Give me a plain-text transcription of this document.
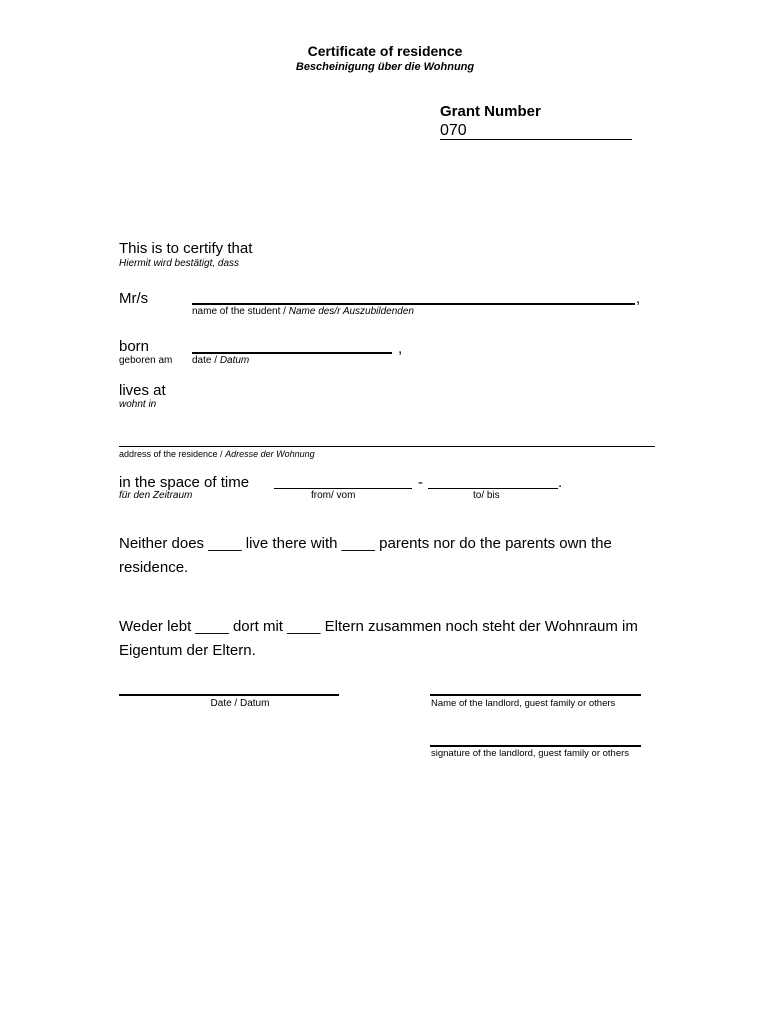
Certificate of residence
Bescheinigung über die Wohnung
Grant Number
070
This is to certify that
Hiermit wird bestätigt, dass
Mr/s	,
name of the student / Name des/r Auszubildenden
born
geboren am
,
date / Datum
lives at
wohnt in
address of the residence / Adresse der Wohnung
in the space of time
für den Zeitraum
-	.
from/ vom	to/ bis
Neither does ____ live there with ____ parents nor do the parents own the residence.
Weder lebt ____ dort mit ____ Eltern zusammen noch steht der Wohnraum im Eigentum der Eltern.
Date / Datum	Name of the landlord, guest family or others
signature of the landlord, guest family or others
